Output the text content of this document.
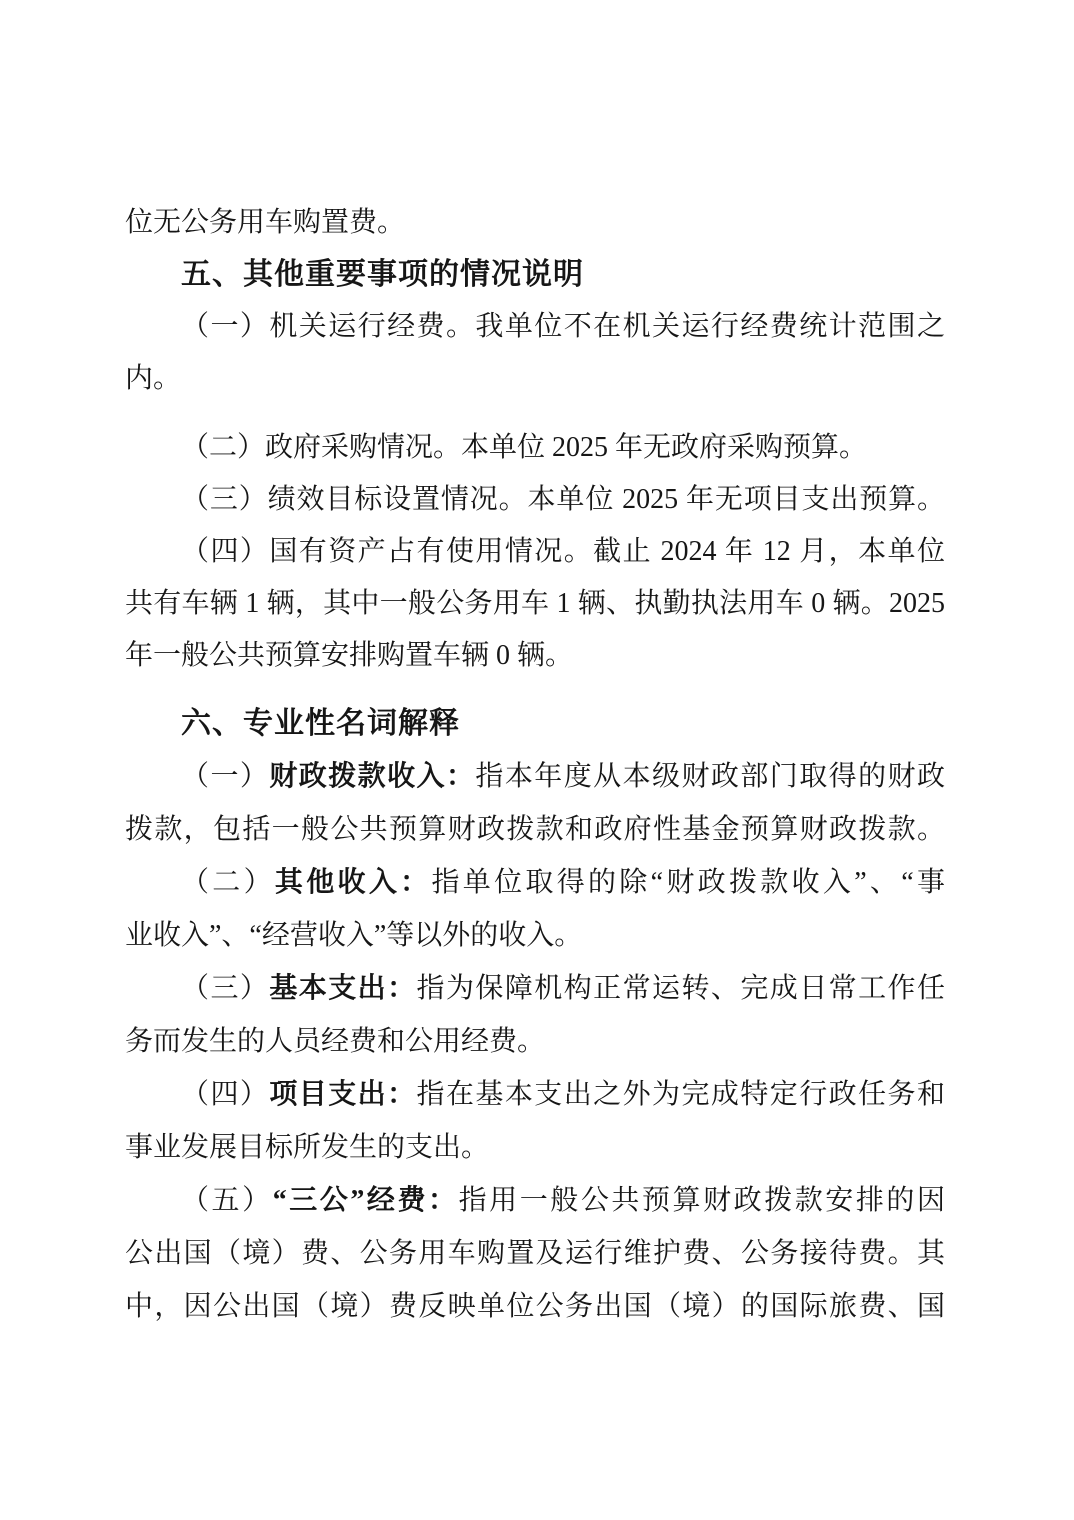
位无公务用车购置费。
五、其他重要事项的情况说明
（一）机关运行经费。我单位不在机关运行经费统计范围之
内。
（二）政府采购情况。本单位 2025 年无政府采购预算。
（三）绩效目标设置情况。本单位 2025 年无项目支出预算。
（四）国有资产占有使用情况。截止 2024 年 12 月，本单位
共有车辆 1 辆，其中一般公务用车 1 辆、执勤执法用车 0 辆。2025
年一般公共预算安排购置车辆 0 辆。
六、专业性名词解释
（一）财政拨款收入：指本年度从本级财政部门取得的财政
拨款，包括一般公共预算财政拨款和政府性基金预算财政拨款。
（二）其他收入：指单位取得的除“财政拨款收入”、“事
业收入”、“经营收入”等以外的收入。
（三）基本支出：指为保障机构正常运转、完成日常工作任
务而发生的人员经费和公用经费。
（四）项目支出：指在基本支出之外为完成特定行政任务和
事业发展目标所发生的支出。
（五）“三公”经费：指用一般公共预算财政拨款安排的因
公出国（境）费、公务用车购置及运行维护费、公务接待费。其
中，因公出国（境）费反映单位公务出国（境）的国际旅费、国
